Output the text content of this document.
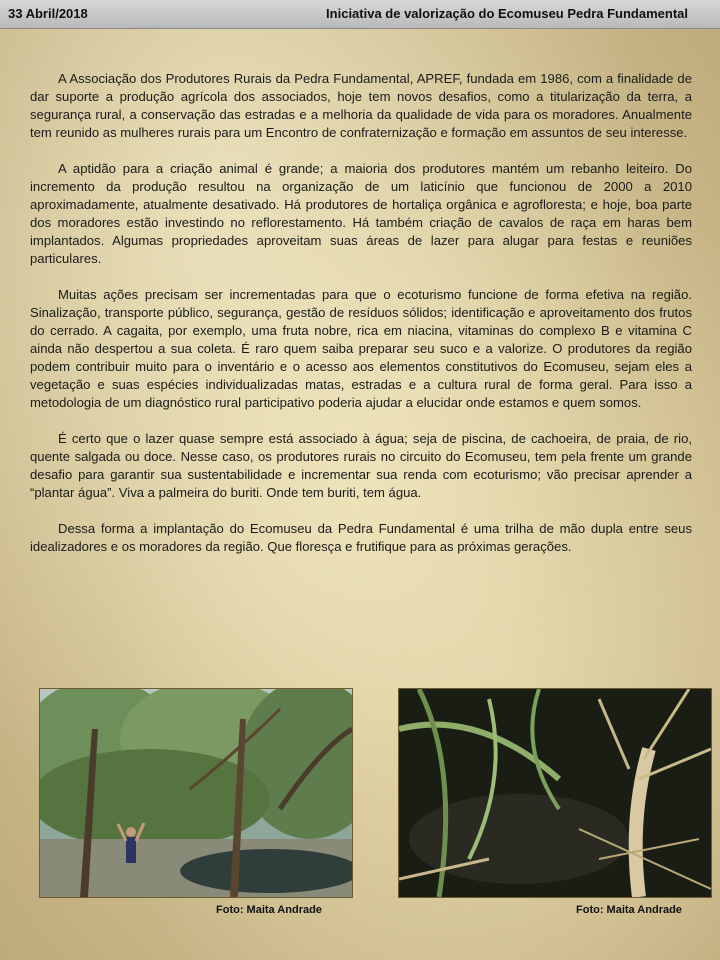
33 Abril/2018	Iniciativa de valorização do Ecomuseu Pedra Fundamental

A Associação dos Produtores Rurais da Pedra Fundamental, APREF, fundada em 1986, com a finalidade de dar suporte a produção agrícola dos associados, hoje tem novos desafios, como a titularização da terra, a segurança rural, a conservação das estradas e a melhoria da qualidade de vida para os moradores. Anualmente tem reunido as mulheres rurais para um Encontro de confraternização e formação em assuntos de seu interesse.

A aptidão para a criação animal é grande; a maioria dos produtores mantém um rebanho leiteiro. Do incremento da produção resultou na organização de um laticínio que funcionou de 2000 a 2010 aproximadamente, atualmente desativado. Há produtores de hortaliça orgânica e agrofloresta; e hoje, boa parte dos moradores estão investindo no reflorestamento. Há também criação de cavalos de raça em haras bem implantados. Algumas propriedades aproveitam suas áreas de lazer para alugar para festas e reuniões particulares.

Muitas ações precisam ser incrementadas para que o ecoturismo funcione de forma efetiva na região. Sinalização, transporte público, segurança, gestão de resíduos sólidos; identificação e aproveitamento dos frutos do cerrado. A cagaita, por exemplo, uma fruta nobre, rica em niacina, vitaminas do complexo B e vitamina C ainda não despertou a sua coleta. É raro quem saiba preparar seu suco e a valorize. O produtores da região podem contribuir muito para o inventário e o acesso aos elementos constitutivos do Ecomuseu, sejam eles a vegetação e suas espécies individualizadas matas, estradas e a cultura rural de forma geral. Para isso a metodologia de um diagnóstico rural participativo poderia ajudar a elucidar onde estamos e quem somos.

É certo que o lazer quase sempre está associado à água; seja de piscina, de cachoeira, de praia, de rio, quente salgada ou doce. Nesse caso, os produtores rurais no circuito do Ecomuseu, tem pela frente um grande desafio para garantir sua sustentabilidade e incrementar sua renda com ecoturismo; vão precisar aprender a “plantar água”. Viva a palmeira do buriti. Onde tem buriti, tem água.

Dessa forma a implantação do Ecomuseu da Pedra Fundamental é uma trilha de mão dupla entre seus idealizadores e os moradores da região. Que floresça e frutifique para as próximas gerações.

Foto: Maita Andrade	Foto: Maita Andrade
